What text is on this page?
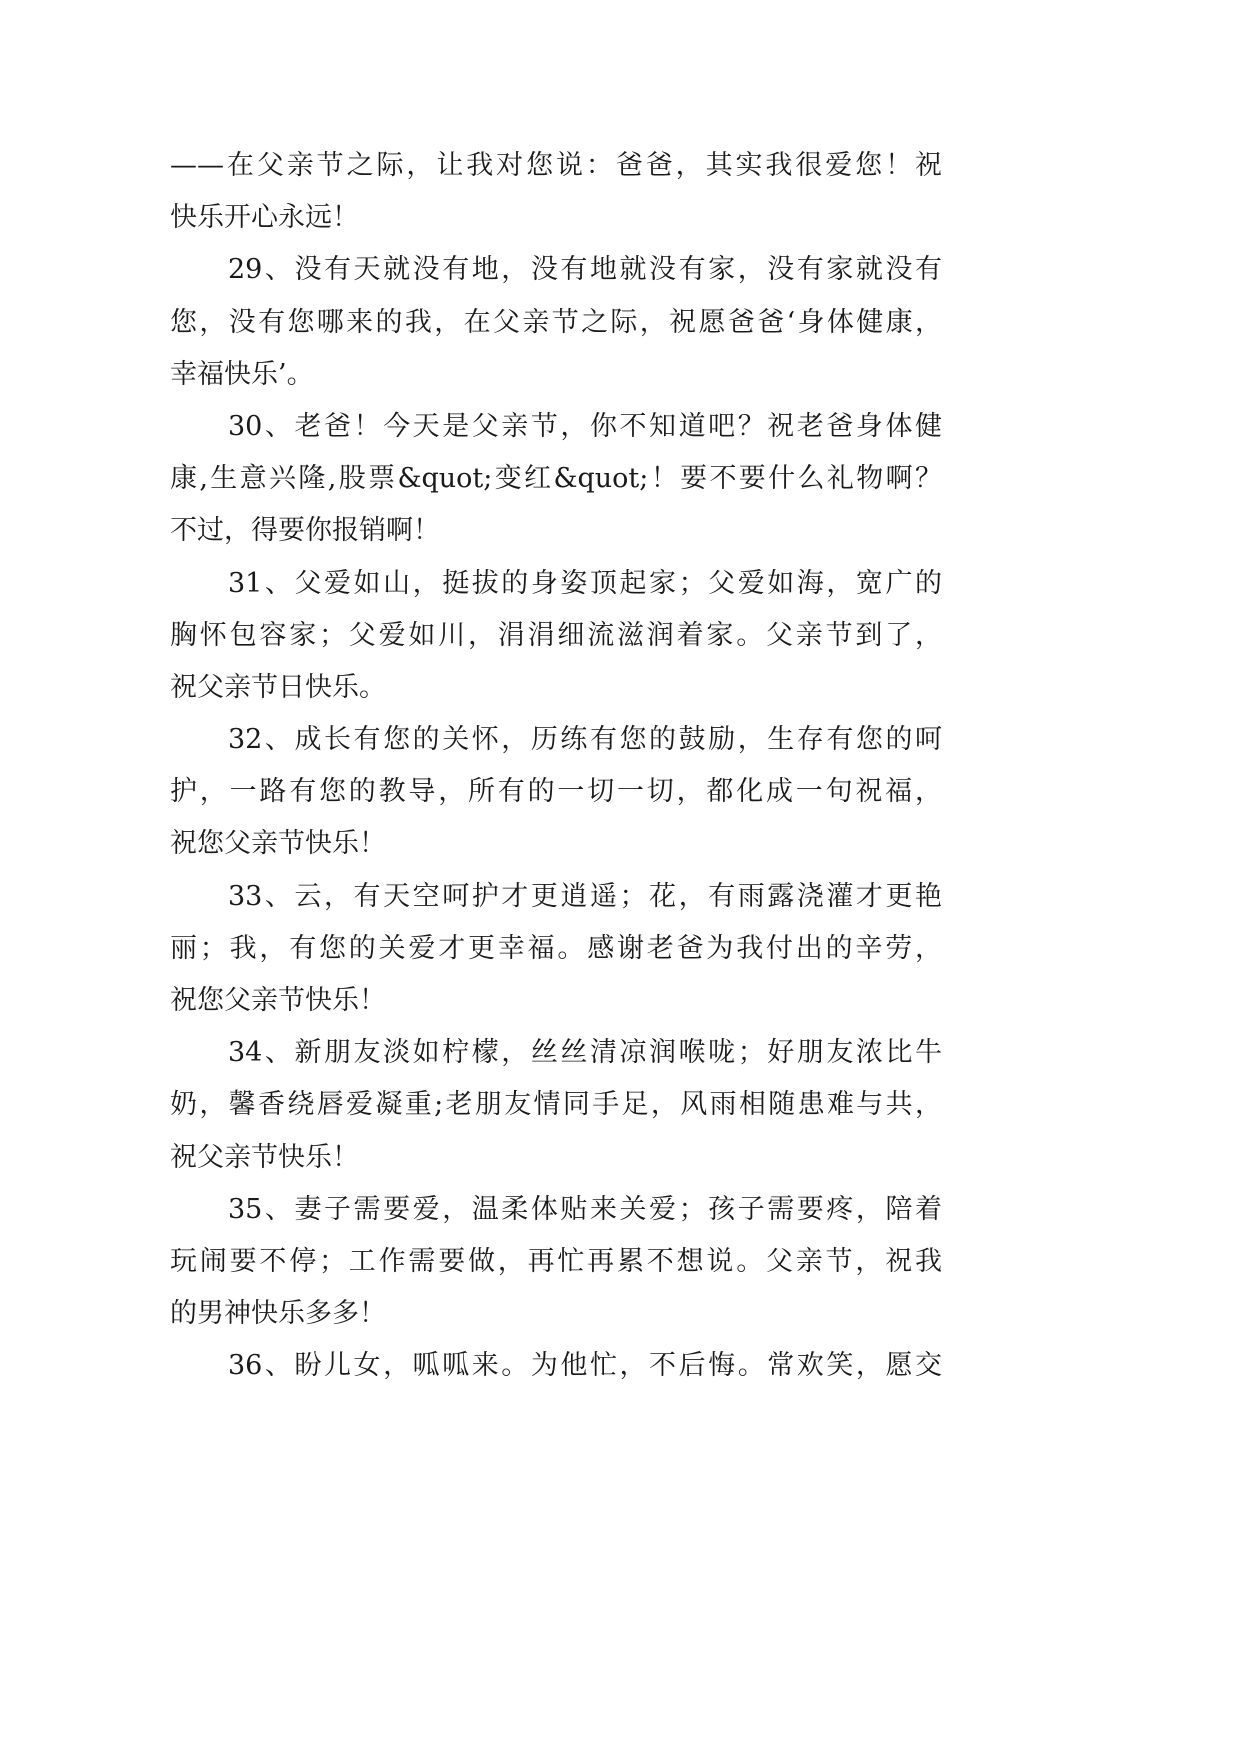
——在父亲节之际，让我对您说：爸爸，其实我很爱您！祝
快乐开心永远！
29、没有天就没有地，没有地就没有家，没有家就没有
您，没有您哪来的我，在父亲节之际，祝愿爸爸‘身体健康，
幸福快乐’。
30、老爸！今天是父亲节，你不知道吧？祝老爸身体健
康,生意兴隆,股票&quot;变红&quot;！要不要什么礼物啊？
不过，得要你报销啊！
31、父爱如山，挺拔的身姿顶起家；父爱如海，宽广的
胸怀包容家；父爱如川，涓涓细流滋润着家。父亲节到了，
祝父亲节日快乐。
32、成长有您的关怀，历练有您的鼓励，生存有您的呵
护，一路有您的教导，所有的一切一切，都化成一句祝福，
祝您父亲节快乐！
33、云，有天空呵护才更逍遥；花，有雨露浇灌才更艳
丽；我，有您的关爱才更幸福。感谢老爸为我付出的辛劳，
祝您父亲节快乐！
34、新朋友淡如柠檬，丝丝清凉润喉咙；好朋友浓比牛
奶，馨香绕唇爱凝重;老朋友情同手足，风雨相随患难与共，
祝父亲节快乐！
35、妻子需要爱，温柔体贴来关爱；孩子需要疼，陪着
玩闹要不停；工作需要做，再忙再累不想说。父亲节，祝我
的男神快乐多多！
36、盼儿女，呱呱来。为他忙，不后悔。常欢笑，愿交
